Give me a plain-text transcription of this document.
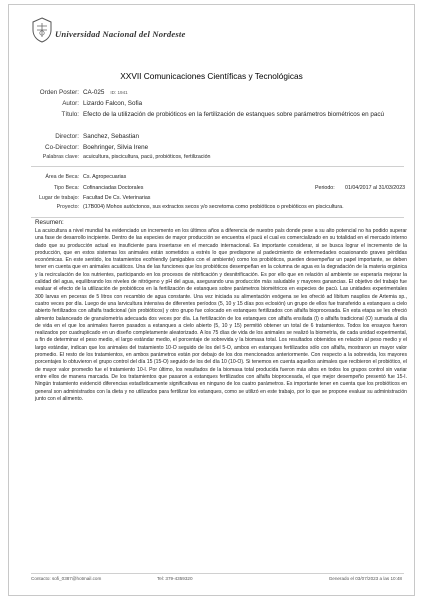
Universidad Nacional del Nordeste
XXVII Comunicaciones Científicas y Tecnológicas
Orden Poster: CA-025 ID: 1941
Autor: Lizardo Falcon, Sofia
Título: Efecto de la utilización de probióticos en la fertilización de estanques sobre parámetros biométricos en pacú
Director: Sanchez, Sebastian
Co-Director: Boehringer, Silvia Irene
Palabras clave: acuicultura, piscicultura, pacú, probióticos, fertilización
Área de Beca: Cs. Agropecuarias
Tipo Beca: Cofinanciadas Doctorales	Periodo: 01/04/2017 al 31/03/2023
Lugar de trabajo: Facultad De Cs. Veterinarias
Proyecto: (17B004) Mohos autóctonos, sus extractos secos y/o secretoma como probióticos o prebióticos en piscicultura.
Resumen:

La acuicultura a nivel mundial ha evidenciado un incremento en los últimos años a diferencia de nuestro país donde pese a su alto potencial no ha podido superar una fase de desarrollo incipiente. Dentro de las especies de mayor producción se encuentra el pacú el cual es comercializado en su totalidad en el mercado interno dado que su producción actual es insuficiente para insertarse en el mercado internacional. Es importante considerar, si se busca lograr el incremento de la producción, que en estos sistemas los animales están sometidos a estrés lo que predispone al padecimiento de enfermedades ocasionando graves pérdidas económicas. En este sentido, los tratamientos ecofriendly (amigables con el ambiente) como los probióticos, pueden desempeñar un papel importante, se deben tener en cuenta que en animales acuáticos. Una de las funciones que los probióticos desempeñan en la columna de agua es la degradación de la materia orgánica y la recirculación de los nutrientes, participando en los procesos de nitrificación y desnitrificación. Es por ello que en relación al ambiente se esperaría mejorar la calidad del agua, equilibrando los niveles de nitrógeno y pH del agua, asegurando una producción más saludable y mayores ganancias. El objetivo del trabajo fue evaluar el efecto de la utilización de probióticos en la fertilización de estanques sobre parámetros biométricos en especies de pacú. Las unidades experimentales 300 larvas en peceras de 5 litros con recambio de agua constante. Una vez iniciada su alimentación exógena se les ofreció ad libitum nauplios de Artemia sp., cuatro veces por día. Luego de una larvicultura intensiva de diferentes períodos (5, 10 y 15 días pos eclosión) un grupo de ellos fue transferido a estanques a cielo abierto fertilizados con alfalfa tradicional (sin probióticos) y otro grupo fue colocado en estanques fertilizados con alfalfa bioprocesada. En esta etapa se les ofreció alimento balanceado de granulometría adecuada dos veces por día. La fertilización de los estanques con alfalfa ensilada (I) o alfalfa tradicional (O) sumada al día de vida en el que los animales fueron pasados a estanques a cielo abierto (5, 10 y 15) permitió obtener un total de 6 tratamientos. Todos los ensayos fueron realizados por cuadruplicado en un diseño completamente aleatorizado. A los 75 días de vida de los animales se realizó la biometría, de cada unidad experimental, a fin de determinar el peso medio, el largo estándar medio, el porcentaje de sobrevida y la biomasa total. Los resultados obtenidos en relación al peso medio y el largo estándar, indican que los animales del tratamiento 10-O seguido de los del 5-O, ambos en estanques fertilizados sólo con alfalfa, mostraron un mayor valor promedio. El resto de los tratamientos, en ambos parámetros están por debajo de los dos mencionados anteriormente. Con respecto a la sobrevida, los mayores porcentajes lo obtuvieron el grupo control del día 15 (15-O) seguido de los del día 10 (10-O). Si tenemos en cuenta aquellos animales que recibieron el probiótico, el de mayor valor promedio fue el tratamiento 10-I. Por último, los resultados de la biomasa total producida fueron más altos en todos los grupos control sin variar entre ellos de manera marcada. De los tratamientos que pasaron a estanques fertilizados con alfalfa bioprocesada, el que mejor desempeño presentó fue 15-I. Ningún tratamiento evidenció diferencias estadísticamente significativas en ninguno de los cuatro parámetros. Es importante tener en cuenta que los probióticos en general son administrados con la dieta y no utilizados para fertilizar los estanques, como se utilizó en este trabajo, por lo que se propone evaluar su administración junto con el alimento.

Contacto: sofi_0387@hotmail.com	Tel: 379-4359320	Generado el 03/07/2023 a las 10:48
